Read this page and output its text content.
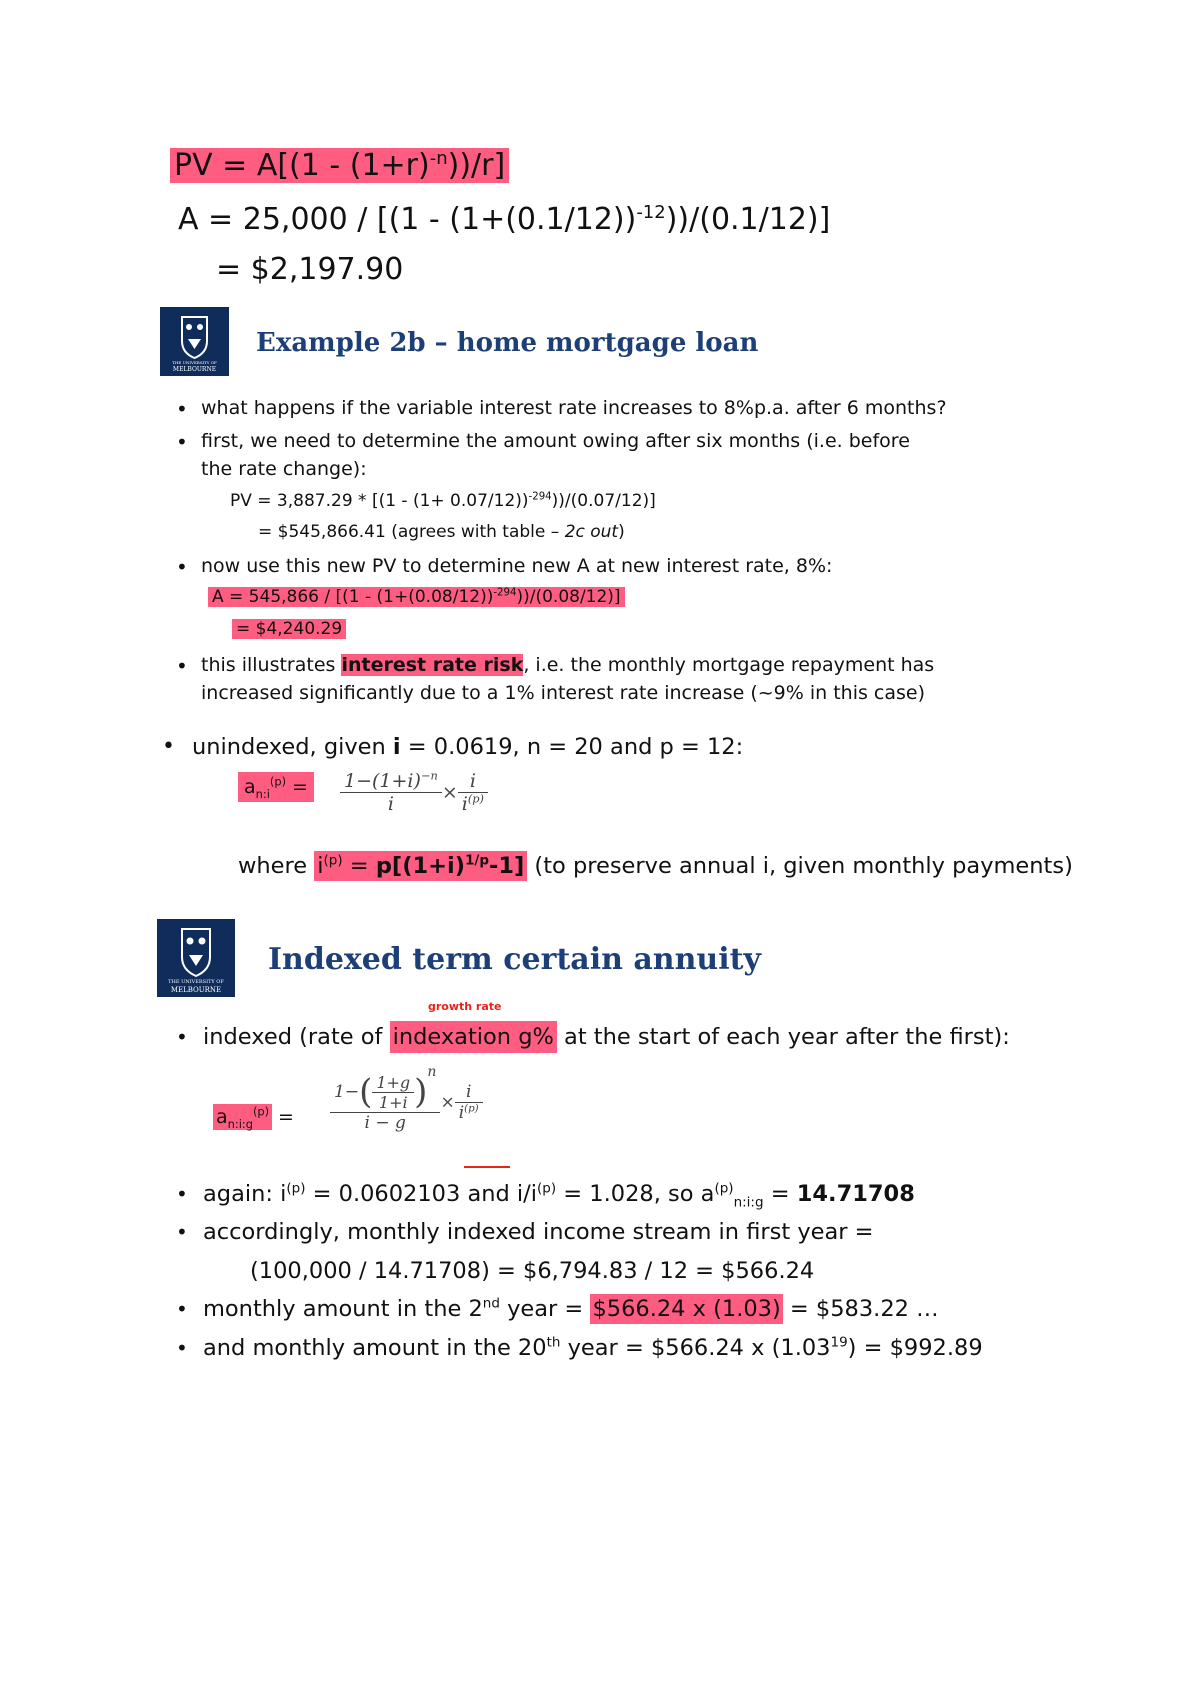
PV = $A[(1 - (1+r)^{-n}))/r$]
$A = 25,000 / [(1 - (1+(0.1/12))^{-12}))/(0.1/12)$]
= $2,197.90
THE UNIVERSITY OF
MELBOURNE
Example 2b – home mortgage loan
• what happens if the variable interest rate increases to 8%p.a. after 6 months?
• first, we need to determine the amount owing after six months (i.e. before
the rate change):
PV = $3,887.29 * [(1 - (1+ 0.07/12))^{-294}))/(0.07/12)$]
= $545,866.41 (agrees with table – 2c out)
• now use this new PV to determine new A at new interest rate, 8%:
$A = 545,866 / [(1 - (1+(0.08/12))^{-294}))/(0.08/12)$]
= $4,240.29
• this illustrates interest rate risk, i.e. the monthly mortgage repayment has
increased significantly due to a 1% interest rate increase (~9% in this case)
• unindexed, given i = 0.0619, n = 20 and p = 12:
$a_{n:i}^{(p)}$ =	$\frac{1-(1+i)^{-n}}{i} \times \frac{i}{i^{(p)}}$
where $i^{(p)} = p[(1+i)^{1/p}-1]$ (to preserve annual i, given monthly payments)
THE UNIVERSITY OF
MELBOURNE
Indexed term certain annuity
growth rate
• indexed (rate of indexation g% at the start of each year after the first):
$a_{n:i:g}^{(p)} = \frac{1-( \frac{1+g}{1+i} )^n}{i - g} \times \frac{i}{i^{(p)}}$
• again: $i^{(p)} = 0.0602103$ and $i/i^{(p)} = 1.028$, so $a^{(p)}_{n:i:g} = 14.71708$
• accordingly, monthly indexed income stream in first year =
(100,000 / 14.71708) = $6,794.83 / 12 = $566.24
• monthly amount in the 2nd year = $566.24 x (1.03) = $583.22 …
• and monthly amount in the 20th year = $566.24 x $(1.03^{19})$ = $992.89
